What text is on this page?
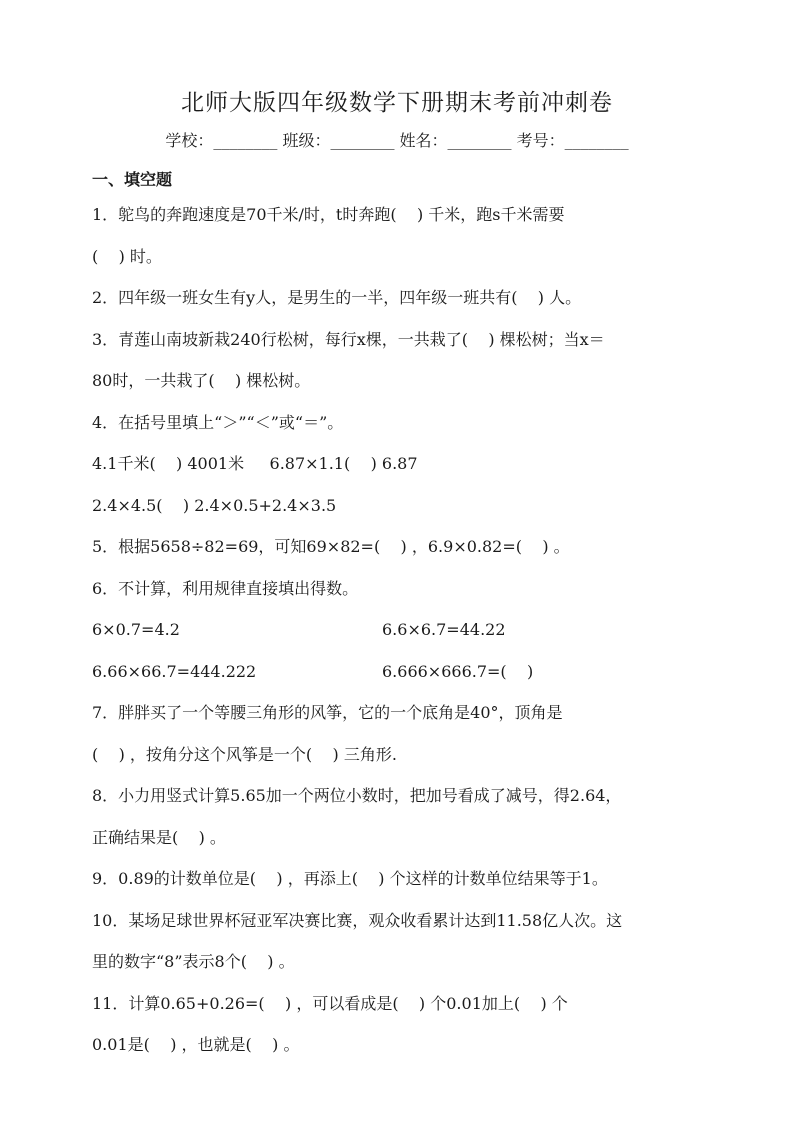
北师大版四年级数学下册期末考前冲刺卷
学校：________ 班级：________ 姓名：________ 考号：________
一、填空题
1．鸵鸟的奔跑速度是70千米/时，t时奔跑(    ) 千米，跑s千米需要
(    ) 时。
2．四年级一班女生有y人，是男生的一半，四年级一班共有(    ) 人。
3．青莲山南坡新栽240行松树，每行x棵，一共栽了(    ) 棵松树；当x＝
80时，一共栽了(    ) 棵松树。
4．在括号里填上“＞”“＜”或“＝”。
4.1千米(    ) 4001米     6.87×1.1(    ) 6.87
2.4×4.5(    ) 2.4×0.5+2.4×3.5
5．根据5658÷82=69，可知69×82=(    ) ，6.9×0.82=(    ) 。
6．不计算，利用规律直接填出得数。
6×0.7=4.2	6.6×6.7=44.22
6.66×66.7=444.222	6.666×666.7=(    )
7．胖胖买了一个等腰三角形的风筝，它的一个底角是40°，顶角是
(    ) ，按角分这个风筝是一个(    ) 三角形.
8．小力用竖式计算5.65加一个两位小数时，把加号看成了减号，得2.64，
正确结果是(    ) 。
9．0.89的计数单位是(    ) ，再添上(    ) 个这样的计数单位结果等于1。
10．某场足球世界杯冠亚军决赛比赛，观众收看累计达到11.58亿人次。这
里的数字“8”表示8个(    ) 。
11．计算0.65+0.26=(    ) ，可以看成是(    ) 个0.01加上(    ) 个
0.01是(    ) ，也就是(    ) 。
